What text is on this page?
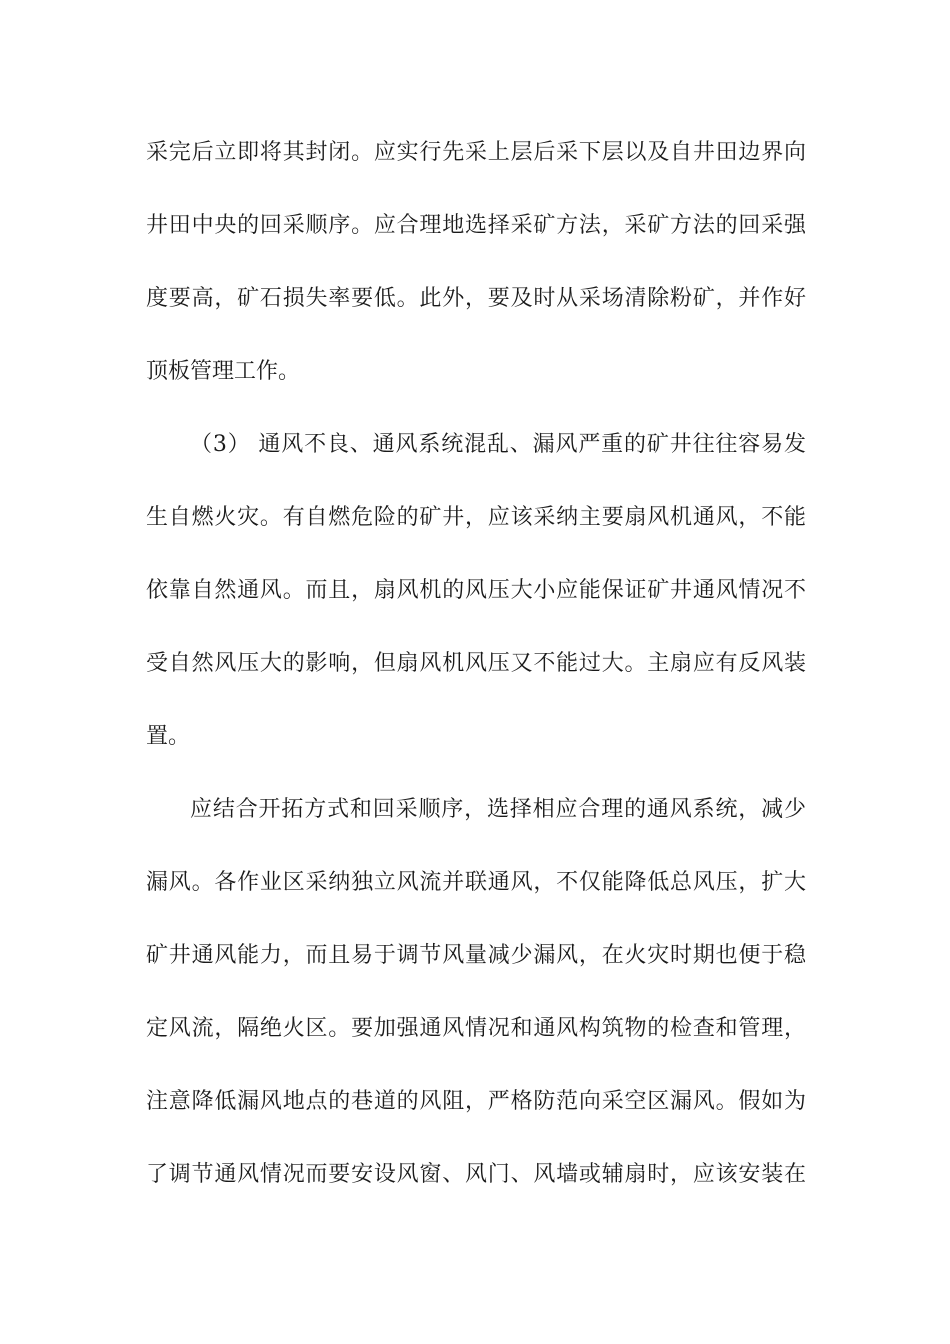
采完后立即将其封闭。应实行先采上层后采下层以及自井田边界向
井田中央的回采顺序。应合理地选择采矿方法，采矿方法的回采强
度要高，矿石损失率要低。此外，要及时从采场清除粉矿，并作好
顶板管理工作。
（3） 通风不良、通风系统混乱、漏风严重的矿井往往容易发
生自燃火灾。有自燃危险的矿井，应该采纳主要扇风机通风，不能
依靠自然通风。而且，扇风机的风压大小应能保证矿井通风情况不
受自然风压大的影响，但扇风机风压又不能过大。主扇应有反风装
置。
应结合开拓方式和回采顺序，选择相应合理的通风系统，减少
漏风。各作业区采纳独立风流并联通风，不仅能降低总风压，扩大
矿井通风能力，而且易于调节风量减少漏风，在火灾时期也便于稳
定风流，隔绝火区。要加强通风情况和通风构筑物的检查和管理，
注意降低漏风地点的巷道的风阻，严格防范向采空区漏风。假如为
了调节通风情况而要安设风窗、风门、风墙或辅扇时，应该安装在
